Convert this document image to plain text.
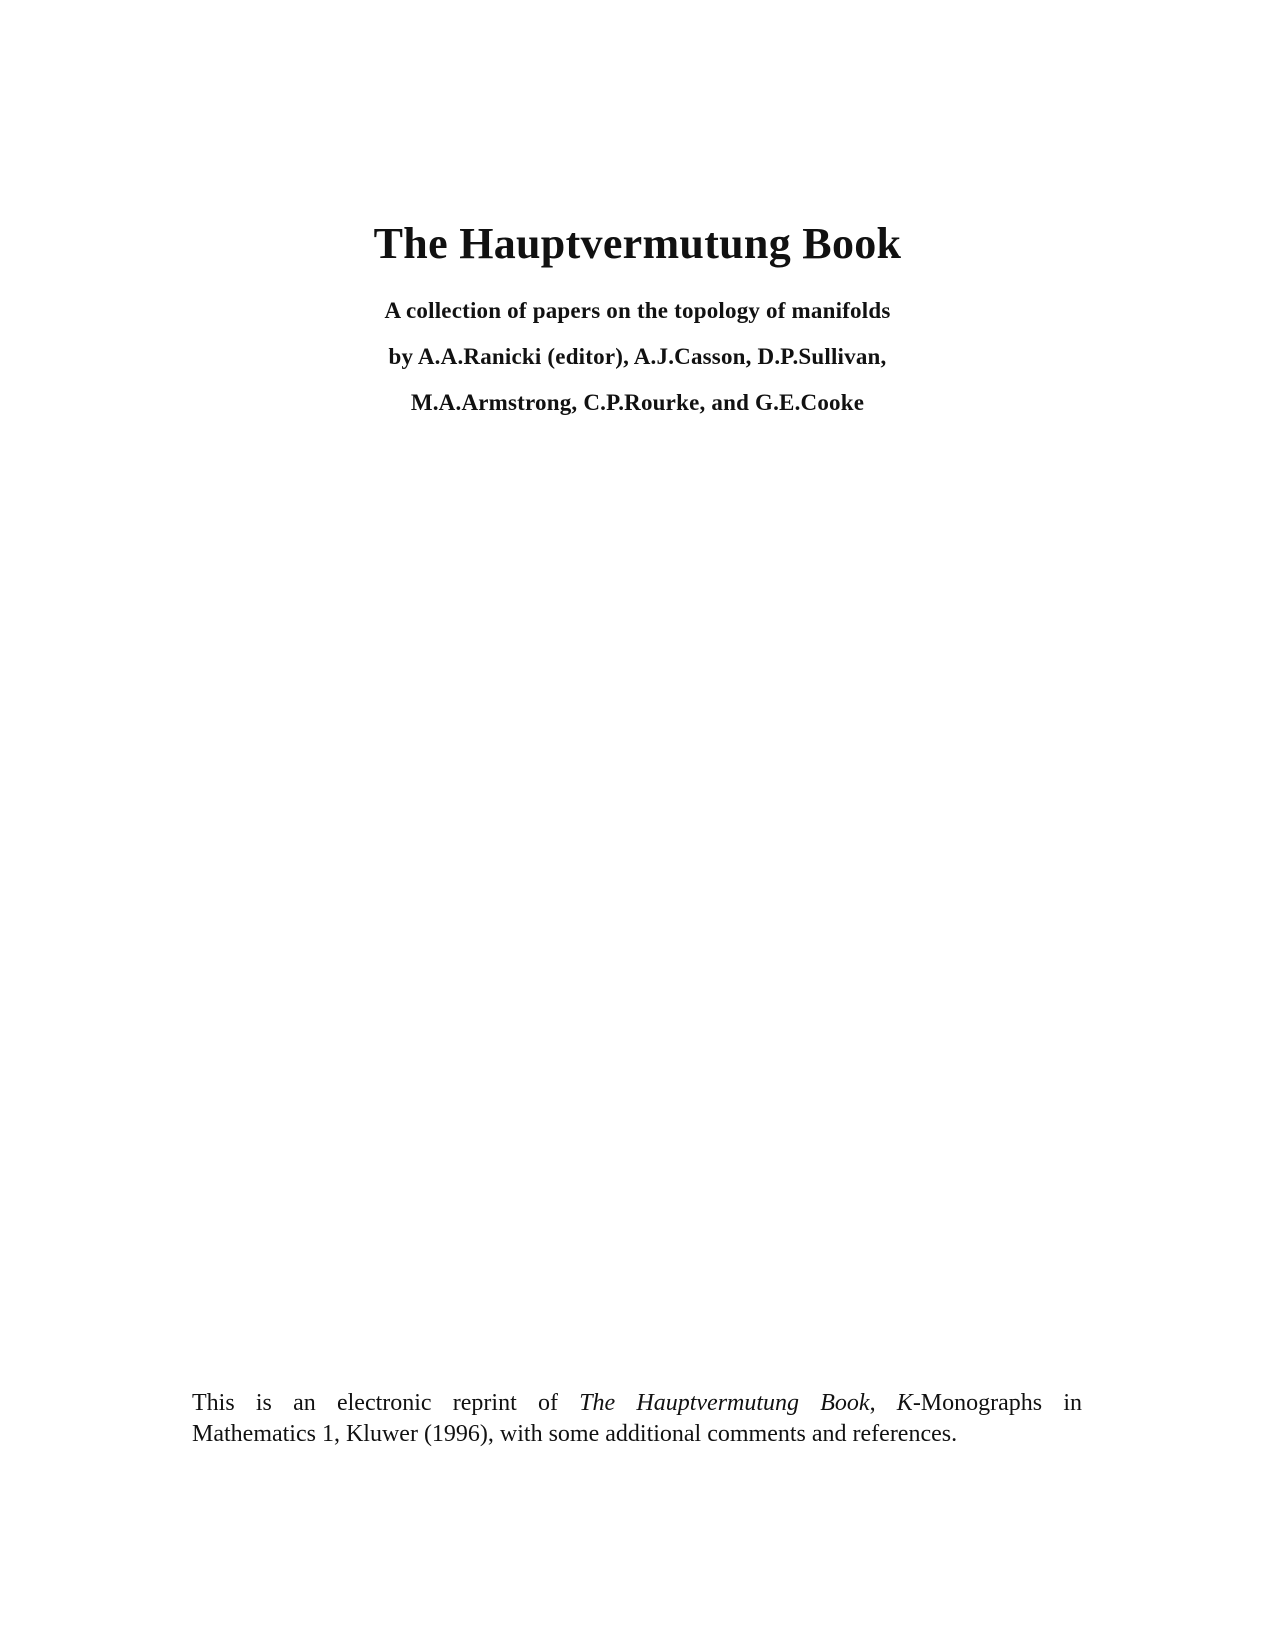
The Hauptvermutung Book
A collection of papers on the topology of manifolds
by A.A.Ranicki (editor), A.J.Casson, D.P.Sullivan,
M.A.Armstrong, C.P.Rourke, and G.E.Cooke
This is an electronic reprint of The Hauptvermutung Book, K-Monographs in
Mathematics 1, Kluwer (1996), with some additional comments and references.
